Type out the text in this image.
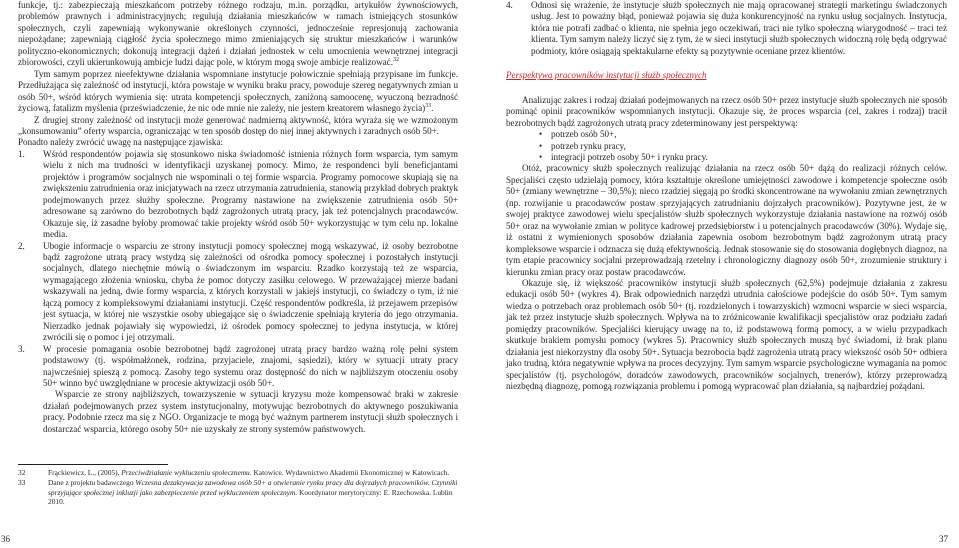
funkcje, tj.: zabezpieczają mieszkańcom potrzeby różnego rodzaju, m.in. porządku, artykułów żywnościowych, problemów prawnych i administracyjnych; regulują działania mieszkańców w ramach istniejących stosunków społecznych, czyli zapewniają wykonywanie określonych czynności, jednocześnie represjonują zachowania niepożądane; zapewniają ciągłość życia społecznego mimo zmieniających się struktur mieszkańców i warunków polityczno-ekonomicznych; dokonują integracji dążeń i działań jednostek w celu umocnienia wewnętrznej integracji zbiorowości, czyli ukierunkowują ambicje ludzi dając pole, w którym mogą swoje ambicje realizować.$^{32}$

Tym samym poprzez nieefektywne działania wspomniane instytucje połowicznie spełniają przypisane im funkcje. Przedłużająca się zależność od instytucji, która powstaje w wyniku braku pracy, powoduje szereg negatywnych zmian u osób 50+, wśród których wymienia się: utrata kompetencji społecznych, zaniżoną samoocenę, wyuczoną bezradność życiową, fatalizm myślenia (przeświadczenie, że nic ode mnie nie zależy, nie jestem kreatorem własnego życia)$^{33}$.

Z drugiej strony zależność od instytucji może generować nadmierną aktywność, która wyraża się we wzmożonym „konsumowaniu” oferty wsparcia, ograniczając w ten sposób dostęp do niej innej aktywnych i zaradnych osób 50+.

Ponadto należy zwrócić uwagę na następujące zjawiska:

1. Wśród respondentów pojawia się stosunkowo niska świadomość istnienia różnych form wsparcia, tym samym wielu z nich ma trudności w identyfikacji uzyskanej pomocy. Mimo, że respondenci byli beneficjantami projektów i programów socjalnych nie wspominali o tej formie wsparcia. Programy pomocowe skupiają się na zwiększeniu zatrudnienia oraz inicjatywach na rzecz utrzymania zatrudnienia, stanowią przykład dobrych praktyk podejmowanych przez służby społeczne. Programy nastawione na zwiększenie zatrudnienia osób 50+ adresowane są zarówno do bezrobotnych bądź zagrożonych utratą pracy, jak też potencjalnych pracodawców. Okazuje się, iż zasadne byłoby promować takie projekty wśród osób 50+ wykorzystując w tym celu np. lokalne media.
2. Ubogie informacje o wsparciu ze strony instytucji pomocy społecznej mogą wskazywać, iż osoby bezrobotne bądź zagrożone utratą pracy wstydzą się zależności od ośrodka pomocy społecznej i pozostałych instytucji socjalnych, dlatego niechętnie mówią o świadczonym im wsparciu. Rzadko korzystają też ze wsparcia, wymagającego złożenia wniosku, chyba że pomoc dotyczy zasiłku celowego. W przeważającej mierze badani wskazywali na jedną, dwie formy wsparcia, z których korzystali w jakiejś instytucji, co świadczy o tym, iż nie łączą pomocy z kompleksowymi działaniami instytucji. Część respondentów podkreśla, iż przejawem przepisów jest sytuacja, w której nie wszystkie osoby ubiegające się o świadczenie spełniają kryteria do jego otrzymania. Nierzadko jednak pojawiały się wypowiedzi, iż ośrodek pomocy społecznej to jedyna instytucja, w której zwrócili się o pomoc i jej otrzymali.
3. W procesie pomagania osobie bezrobotnej bądź zagrożonej utratą pracy bardzo ważną rolę pełni system podstawowy (tj. współmałżonek, rodzina, przyjaciele, znajomi, sąsiedzi), który w sytuacji utraty pracy najwcześniej spieszą z pomocą. Zasoby tego systemu oraz dostępność do nich w najbliższym otoczeniu osoby 50+ winno być uwzględniane w procesie aktywizacji osób 50+.
Wsparcie ze strony najbliższych, towarzyszenie w sytuacji kryzysu może kompensować braki w zakresie działań podejmowanych przez system instytucjonalny, motywując bezrobotnych do aktywnego poszukiwania pracy. Podobnie rzecz ma się z NGO. Organizacje te mogą być ważnym partnerem instytucji służb społecznych i dostarczać wsparcia, którego osoby 50+ nie uzyskały ze strony systemów państwowych.
32	Frąckiewicz, L., (2005), Przeciwdziałanie wykluczeniu społecznemu. Katowice. Wydawnictwo Akademii Ekonomicznej w Katowicach.
33	Dane z projektu badawczego Wczesna dezaktywacja zawodowa osób 50+ a otwieranie rynku pracy dla dojrzałych pracowników. Czynniki sprzyjające społecznej inkluzji jako zabezpieczenie przed wykluczeniem społecznym. Koordynator merytoryczny: E. Rzechowska. Lublin 2010.
4. Odnosi się wrażenie, że instytucje służb społecznych nie mają opracowanej strategii marketingu świadczonych usług. Jest to poważny błąd, ponieważ pojawia się duża konkurencyjność na rynku usług socjalnych. Instytucja, która nie potrafi zadbać o klienta, nie spełnia jego oczekiwań, traci nie tylko społeczną wiarygodność – traci też klienta. Tym samym należy liczyć się z tym, że w sieci instytucji służb społecznych widoczną rolę będą odgrywać podmioty, które osiągają spektakularne efekty są pozytywnie oceniane przez klientów.

Perspektywa pracowników instytucji służb społecznych

Analizując zakres i rodzaj działań podejmowanych na rzecz osób 50+ przez instytucje służb społecznych nie sposób pominąć opinii pracowników wspomnianych instytucji. Okazuje się, że proces wsparcia (cel, zakres i rodzaj) tracił bezrobotnych bądź zagrożonych utratą pracy zdeterminowany jest perspektywą:

• potrzeb osób 50+,
• potrzeb rynku pracy,
• integracji potrzeb osoby 50+ i rynku pracy.

Otóż, pracownicy służb społecznych realizując działania na rzecz osób 50+ dążą do realizacji różnych celów. Specjaliści często udzielają pomocy, która kształtuje określone umiejętności zawodowe i kompetencje społeczne osób 50+ (zmiany wewnętrzne – 30,5%); nieco rzadziej sięgają po środki skoncentrowane na wywołaniu zmian zewnętrznych (np. rozwijanie u pracodawców postaw sprzyjających zatrudnianiu dojrzałych pracowników). Pozytywne jest, że w swojej praktyce zawodowej wielu specjalistów służb społecznych wykorzystuje działania nastawione na rozwój osób 50+ oraz na wywołanie zmian w polityce kadrowej przedsiębiorstw i u potencjalnych pracodawców (30%). Wydaje się, iż ostatni z wymienionych sposobów działania zapewnia osobom bezrobotnym bądź zagrożonym utratą pracy kompleksowe wsparcie i odznacza się dużą efektywnością. Jednak stosowanie się do stosowania dogłębnych diagnoz, na tym etapie pracownicy socjalni przeprowadzają rzetelny i chronologiczny diagnozy osób 50+, zrozumienie struktury i kierunku zmian pracy oraz postaw pracodawców.

Okazuje się, iż większość pracowników instytucji służb społecznych (62,5%) podejmuje działania z zakresu edukacji osób 50+ (wykres 4). Brak odpowiednich narzędzi utrudnia całościowe podejście do osób 50+. Tym samym wiedza o potrzebach oraz problemach osób 50+ (tj. rozdzielonych i towarzyskich) wzmocni wsparcie w sieci wsparcia, jak też przez instytucje służb społecznych. Wpływa na to zróżnicowanie kwalifikacji specjalistów oraz podziału zadań pomiędzy pracowników. Specjaliści kierujący uwagę na to, iż podstawową formą pomocy, a w wielu przypadkach skutkuje brakiem pomysłu pomocy (wykres 5). Pracownicy służb społecznych muszą być świadomi, iż brak planu działania jest niekorzystny dla osoby 50+. Sytuacja bezrobocia bądź zagrożenia utratą pracy wiekszość osób 50+ odbiera jako trudną, która negatywnie wpływa na proces decyzyjny. Tym samym wsparcie psychologiczne wymagania na pomoc specjalistów (tj. psychologów, doradców zawodowych, pracowników socjalnych, trenerów), którzy przeprowadzą niezbędną diagnozę, pomogą rozwiązania problemu i pomogą wypracować plan działania, są najbardziej pożądani.

36	37
